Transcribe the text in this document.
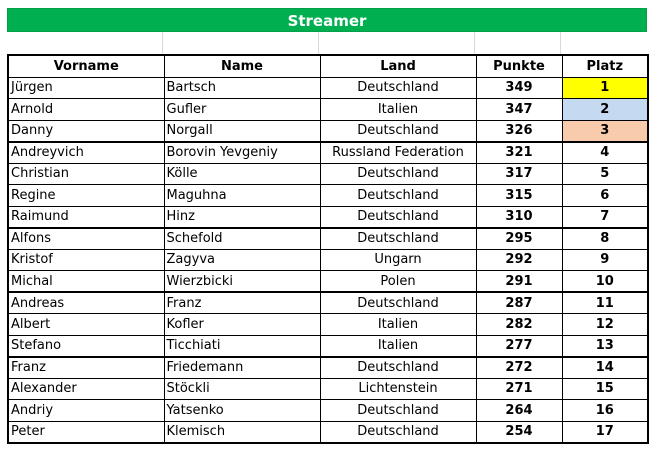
Streamer
Vorname	Name	Land	Punkte	Platz
Jürgen	Bartsch	Deutschland	349	1
Arnold	Gufler	Italien	347	2
Danny	Norgall	Deutschland	326	3
Andreyvich	Borovin Yevgeniy	Russland Federation	321	4
Christian	Kölle	Deutschland	317	5
Regine	Maguhna	Deutschland	315	6
Raimund	Hinz	Deutschland	310	7
Alfons	Schefold	Deutschland	295	8
Kristof	Zagyva	Ungarn	292	9
Michal	Wierzbicki	Polen	291	10
Andreas	Franz	Deutschland	287	11
Albert	Kofler	Italien	282	12
Stefano	Ticchiati	Italien	277	13
Franz	Friedemann	Deutschland	272	14
Alexander	Stöckli	Lichtenstein	271	15
Andriy	Yatsenko	Deutschland	264	16
Peter	Klemisch	Deutschland	254	17
